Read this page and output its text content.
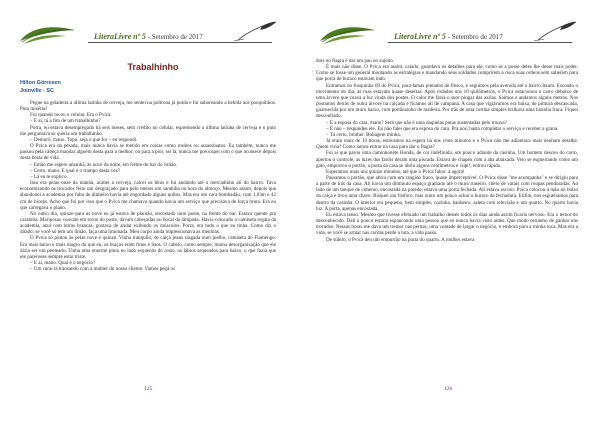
LiteraLivre nº 5 - Setembro de 2017
Trabalhinho
Hilton Görresen
Joinville - SC

Pegue na geladeira a última latinha de cerveja, me sentei na poltrona já puída e fui saboreando a bebida aos pouquinhos. Puta miséria!

Foi quando tocou o celular. Era o Pvica.

– E aí, tá a fim de um trabalhinho?

Porra, eu estava desempregado há seis meses, sem crédito no celular, espremendo a última latinha de cerveja e o puto me perguntava se queria um trabalhinho.

– Demorô, mano. Topo, seja o que for – eu respondi.

O Pvica era da pesada, mais nunca havia se metido em coisas como roubos ou assassinatos. Eu também, nunca me passou pela cabeça mandar alguém desta para a melhor, ou para a pior, sei lá, nunca me preocupei com o que acontece depois desta bosta de vida.

– Então me espere amanhã, às nove da noite, em frente do bar do Julião.

– Certo, mano. E qual é o trampo desta vez?

– Lá eu te explico.

Isso era pelas onze da manhã, acabei a cerveja, calcei os tênis e fui andando até o mercadinho ali do bairro. Tava economizando os trocados feito um desgraçado para pelo menos um sanduba na hora do almoço. Mesmo assim, depois que abandonei a academia por falta de dinheiro havia até engordado alguns quilos. Mas era um cara bombadão, com 1,83m e 42 cm de bíceps. Acho que foi por isso que o Pvica me chamava quando havia um serviço que precisava de força bruta. Era eu que carregava o piano.

No outro dia, quinze para as nove eu já estava de plantão, encostado num poste, na frente do bar. Estava quente pra caramba. Mariposas voavam em torno do poste, davam cabeçadas no bocal da lâmpada. Havia colocado a camiseta regata da academia, azul com letras brancas, gostava de andar exibindo os músculos. Porra, era tudo o que eu tinha. Como diz o ditado: se você só tem um limão, faça uma limonada. Meu corpo ainda impressionava as meninas.

O Pvica só pintou às pelas nove e quinze. Vinha tranquilo, de calça jeans rasgada num joelho, camiseta do Flamengo. Era mais baixo e mais magro do que eu, os braços eram finos e lisos. O cabelo, como sempre, muma desorganização que ele dizia ser um penteado. Tinha uma enorme pinta no lado esquerdo do rosto, os lábios arqueados para baixo, o que fazia que ele parecesse sempre estar triste.

– E aí, mano. Qual é o negócio?

– Um carai tá transando com a mulher do nosso cliente. Vamos pegá os

125
LiteraLivre nº 5 - Setembro de 2017

dois no flagra e dar um pau no sujeito.

É mais não disse. O Pvica era assim, calado, guardava os detalhes para ele, como se a posse deles lhe desse mais poder. Como se fosse um general montando as estratégias e mandando seus soldados cumprirem à risca suas ordens sem saberem para que porra de buraco estavam indo.

Entramos no fusquinha 69 do Pvica, para-lamas pintados de fresco, e seguimos pela avenida até o bairro Itaum. Escoado o movimento do dia, as ruas estavam quase desertas. Após rodados uns 10 quilômetros, o Pvica estacionou o carro debaixo de uma árvore que coava a luz vinda dos postes. O calor me fazia o suor pingar das axilas. Saímos e andamos alguns metros. Nos postamos detrás de outra árvore na calçada e ficamos ali de campana. A casa que vigiávamos era baixa, de pintura descascada, guarnecida por um muro baixo, com portãozinho de madeira. Por trás de uma cortina simples brilhava uma luzinha fraca. Fiquei desconfiado.

– E a esposa do cara, mano? Será que não é uma daquelas putas sustentadas pelo trouxa?

– É não – respondeu ele. Eu não falei que era esposa do cara. Pra nós, basta completar o serviço e receber a grana.

– Tá certo, brother. Bobagem minha.

Já eram mais de 10 horas, estávamos na espera há uns vinte minutos e o Pvica não me adiantava mais nenhum detalhe. Quem viria? Como íamos entrar na casa para dar o flagra?

Foi aí que parou uma caminhonete Honda, de cor indefinida, um pouco adiante da casinha. Um homem desceu do carro, apertou o controle, as luzes dos faróis deram uma piscada. Estava de chapéu com a aba abaixada. Veio se esgueirando como um gato, empurrou o portão, a porta da casa se abriu alguns centímetros e vupt!, entrou rápido.

Esperamos mais uns quinze minutos, até que o Pvica falou: á agora!

Passamos o portão, que abriu com um rangido fraco, quase imperceptível. O Pvica disse "me acompanha" e se dirigiu para a parte de trás da casa. Ali havia um diminuto espaço gramado até o muro traseiro, cheio de varais com roupas penduradas. Ao lado de um tanque de cimento, encostada na parede, estava uma porta fechada. Ali estava escuro. Pvica colocou a mão no bolso da calça e tirou uma chave. Risquei um fósforo, mas outro um pouco achar o buraco da fechadura. Enfim, nos esgueiramos para dentro da casinha. O interior era pequeno, bem simples, cozinha, banheiro, saleta com televisão e um quarto. No quarto havia luz. A porta, apenas encostada.

Eu estava tenso. Mesmo que tivesse efetuado um trabalho desses todos os dias ainda assim ficaria nervoso. Era o temor do desconhecido. Dali a pouco estaria espancando uma pessoa que eu nunca havia visto antes. Que modo estranho de ganhar uns trocados. Nessas horas me dava um tremor nas pernas, uma vontade de largar o negócio, e embora para a minha toca. Mas era a vida, se você se armar nas cordas perde a luta, a vida passa.

De súbito, o Pvica deu um empurrão na porta do quarto. A mulher estava

126
